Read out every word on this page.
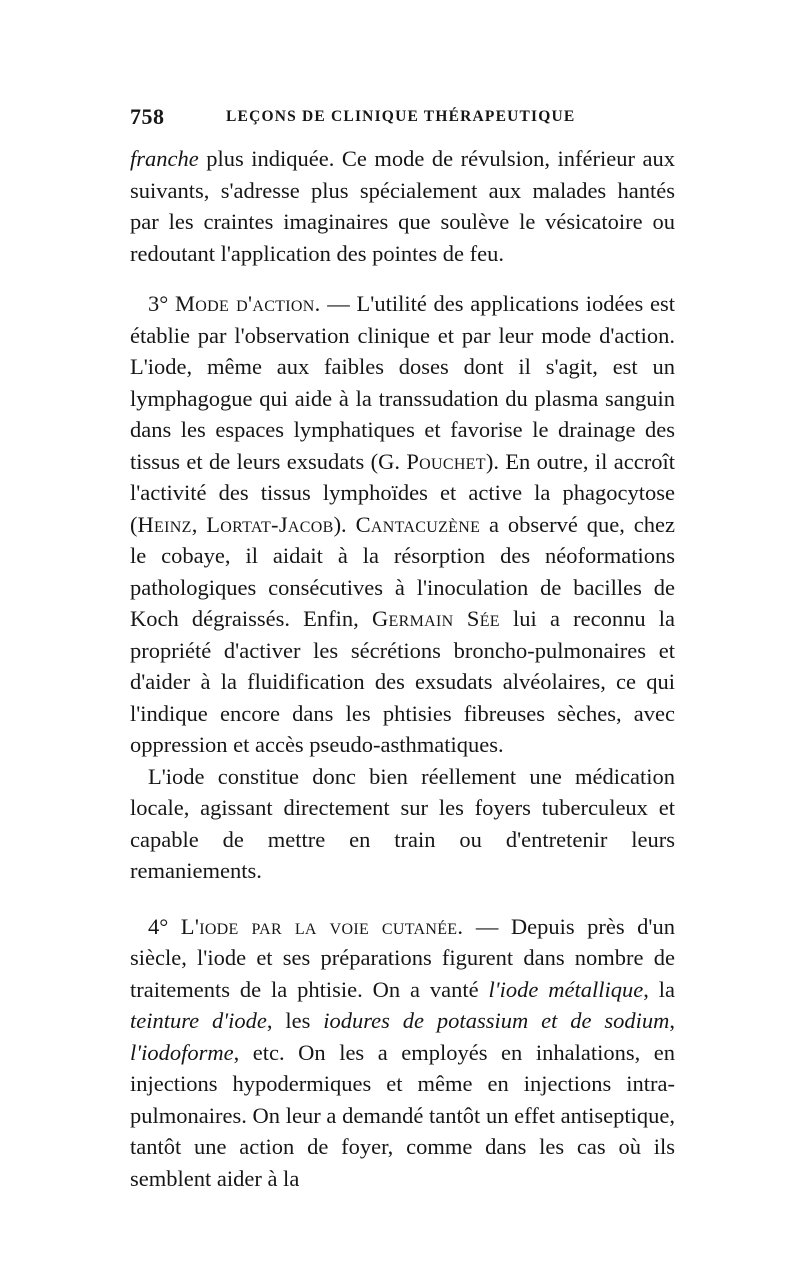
758	LEÇONS DE CLINIQUE THÉRAPEUTIQUE

franche plus indiquée. Ce mode de révulsion, inférieur aux suivants, s'adresse plus spécialement aux malades hantés par les craintes imaginaires que soulève le vésicatoire ou redoutant l'application des pointes de feu.

3° Mode d'action. — L'utilité des applications iodées est établie par l'observation clinique et par leur mode d'action. L'iode, même aux faibles doses dont il s'agit, est un lymphagogue qui aide à la transsudation du plasma sanguin dans les espaces lymphatiques et favorise le drainage des tissus et de leurs exsudats (G. Pouchet). En outre, il accroît l'activité des tissus lymphoïdes et active la phagocytose (Heinz, Lortat-Jacob). Cantacuzène a observé que, chez le cobaye, il aidait à la résorption des néoformations pathologiques consécutives à l'inoculation de bacilles de Koch dégraissés. Enfin, Germain Sée lui a reconnu la propriété d'activer les sécrétions broncho-pulmonaires et d'aider à la fluidification des exsudats alvéolaires, ce qui l'indique encore dans les phtisies fibreuses sèches, avec oppression et accès pseudo-asthmatiques.

L'iode constitue donc bien réellement une médication locale, agissant directement sur les foyers tuberculeux et capable de mettre en train ou d'entretenir leurs remaniements.

4° L'iode par la voie cutanée. — Depuis près d'un siècle, l'iode et ses préparations figurent dans nombre de traitements de la phtisie. On a vanté l'iode métallique, la teinture d'iode, les iodures de potassium et de sodium, l'iodoforme, etc. On les a employés en inhalations, en injections hypodermiques et même en injections intra-pulmonaires. On leur a demandé tantôt un effet antiseptique, tantôt une action de foyer, comme dans les cas où ils semblent aider à la
